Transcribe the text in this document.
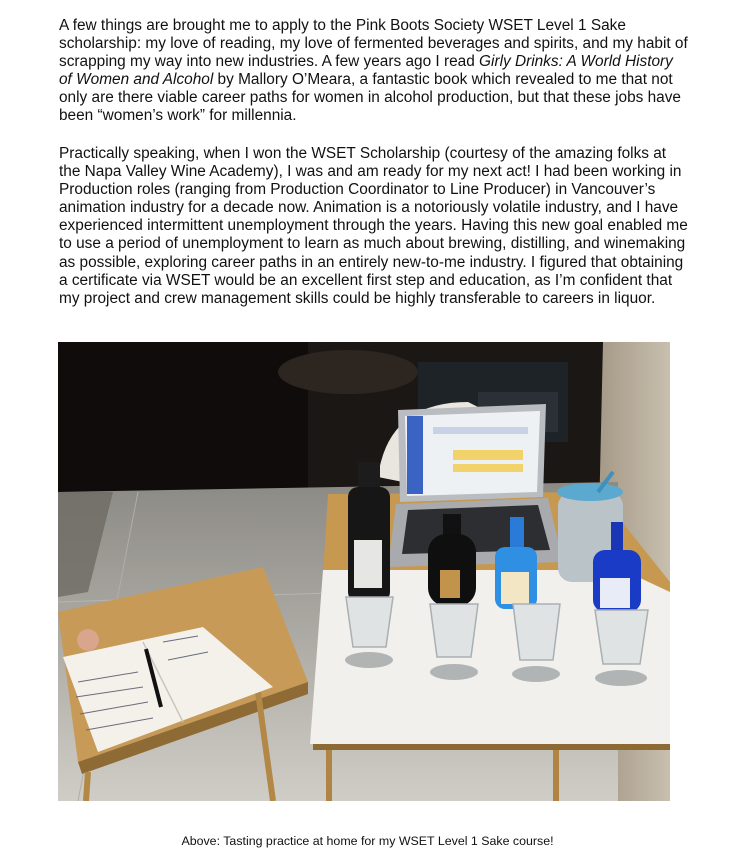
A few things are brought me to apply to the Pink Boots Society WSET Level 1 Sake scholarship: my love of reading, my love of fermented beverages and spirits, and my habit of scrapping my way into new industries. A few years ago I read Girly Drinks: A World History of Women and Alcohol by Mallory O’Meara, a fantastic book which revealed to me that not only are there viable career paths for women in alcohol production, but that these jobs have been “women’s work” for millennia.

Practically speaking, when I won the WSET Scholarship (courtesy of the amazing folks at the Napa Valley Wine Academy), I was and am ready for my next act! I had been working in Production roles (ranging from Production Coordinator to Line Producer) in Vancouver’s animation industry for a decade now. Animation is a notoriously volatile industry, and I have experienced intermittent unemployment through the years. Having this new goal enabled me to use a period of unemployment to learn as much about brewing, distilling, and winemaking as possible, exploring career paths in an entirely new-to-me industry. I figured that obtaining a certificate via WSET would be an excellent first step and education, as I’m confident that my project and crew management skills could be highly transferable to careers in liquor.

Above: Tasting practice at home for my WSET Level 1 Sake course!
